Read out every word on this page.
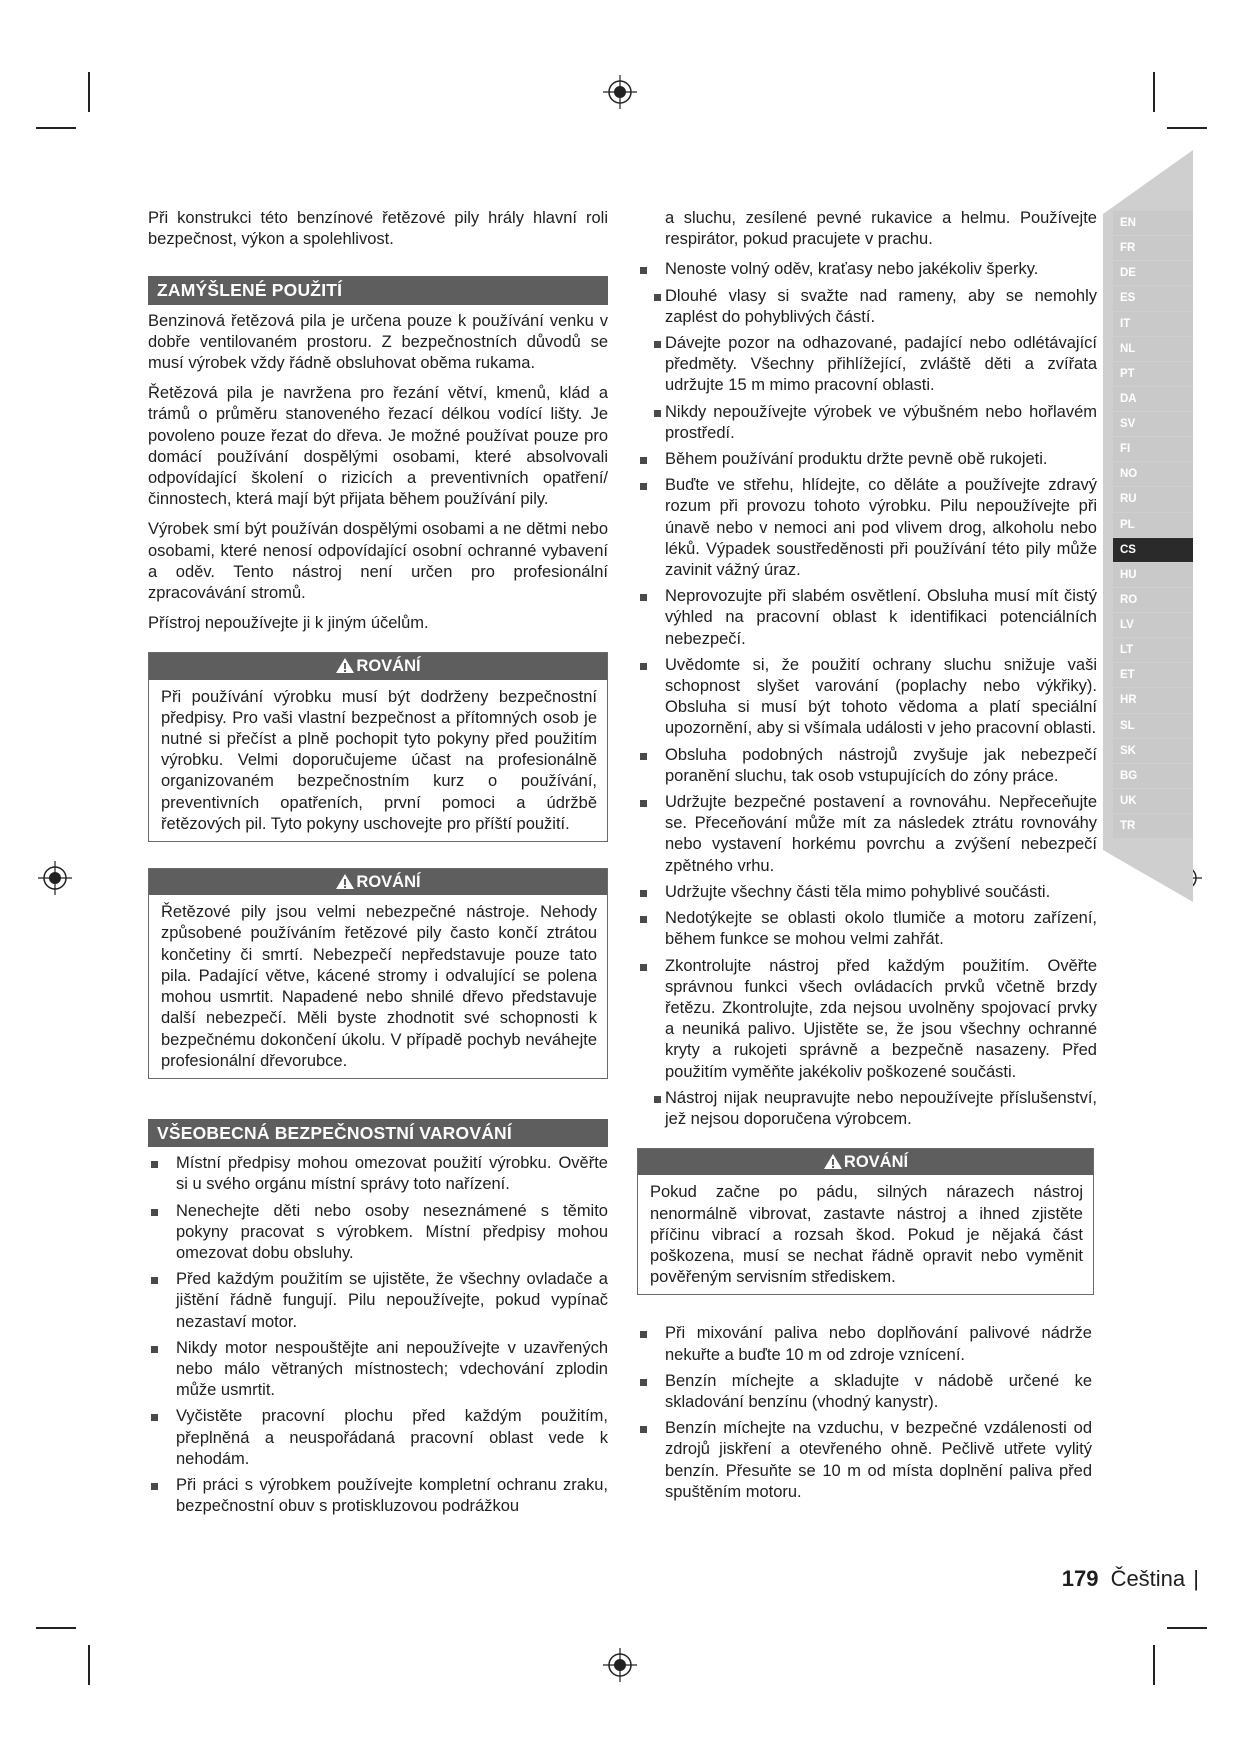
EN
FR
DE
ES
IT
NL
PT
DA
SV
FI
NO
RU
PL
CS
HU
RO
LV
LT
ET
HR
SL
SK
BG
UK
TR

Při konstrukci této benzínové řetězové pily hrály hlavní roli bezpečnost, výkon a spolehlivost.

ZAMÝŠLENÉ POUŽITÍ

Benzinová řetězová pila je určena pouze k používání venku v dobře ventilovaném prostoru. Z bezpečnostních důvodů se musí výrobek vždy řádně obsluhovat oběma rukama.

Řetězová pila je navržena pro řezání větví, kmenů, klád a trámů o průměru stanoveného řezací délkou vodící lišty. Je povoleno pouze řezat do dřeva. Je možné používat pouze pro domácí používání dospělými osobami, které absolvovali odpovídající školení o rizicích a preventivních opatření/činnostech, která mají být přijata během používání pily.

Výrobek smí být používán dospělými osobami a ne dětmi nebo osobami, které nenosí odpovídající osobní ochranné vybavení a oděv. Tento nástroj není určen pro profesionální zpracovávání stromů.

Přístroj nepoužívejte ji k jiným účelům.

ROVÁNÍ
Při používání výrobku musí být dodrženy bezpečnostní předpisy. Pro vaši vlastní bezpečnost a přítomných osob je nutné si přečíst a plně pochopit tyto pokyny před použitím výrobku. Velmi doporučujeme účast na profesionálně organizovaném bezpečnostním kurz o používání, preventivních opatřeních, první pomoci a údržbě řetězových pil. Tyto pokyny uschovejte pro příští použití.
ROVÁNÍ
Řetězové pily jsou velmi nebezpečné nástroje. Nehody způsobené používáním řetězové pily často končí ztrátou končetiny či smrtí. Nebezpečí nepředstavuje pouze tato pila. Padající větve, kácené stromy i odvalující se polena mohou usmrtit. Napadené nebo shnilé dřevo představuje další nebezpečí. Měli byste zhodnotit své schopnosti k bezpečnému dokončení úkolu. V případě pochyb neváhejte profesionální dřevorubce.
VŠEOBECNÁ BEZPEČNOSTNÍ VAROVÁNÍ
Místní předpisy mohou omezovat použití výrobku. Ověřte si u svého orgánu místní správy toto nařízení.
Nenechejte děti nebo osoby neseznámené s těmito pokyny pracovat s výrobkem. Místní předpisy mohou omezovat dobu obsluhy.
Před každým použitím se ujistěte, že všechny ovladače a jištění řádně fungují. Pilu nepoužívejte, pokud vypínač nezastaví motor.
Nikdy motor nespouštějte ani nepoužívejte v uzavřených nebo málo větraných místnostech; vdechování zplodin může usmrtit.
Vyčistěte pracovní plochu před každým použitím, přeplněná a neuspořádaná pracovní oblast vede k nehodám.
Při práci s výrobkem používejte kompletní ochranu zraku, bezpečnostní obuv s protiskluzovou podrážkou

a sluchu, zesílené pevné rukavice a helmu. Používejte respirátor, pokud pracujete v prachu.

Nenoste volný oděv, kraťasy nebo jakékoliv šperky.
Dlouhé vlasy si svažte nad rameny, aby se nemohly zaplést do pohyblivých částí.
Dávejte pozor na odhazované, padající nebo odlétávající předměty. Všechny přihlížející, zvláště děti a zvířata udržujte 15 m mimo pracovní oblasti.
Nikdy nepoužívejte výrobek ve výbušném nebo hořlavém prostředí.
Během používání produktu držte pevně obě rukojeti.
Buďte ve střehu, hlídejte, co děláte a používejte zdravý rozum při provozu tohoto výrobku. Pilu nepoužívejte při únavě nebo v nemoci ani pod vlivem drog, alkoholu nebo léků. Výpadek soustředěnosti při používání této pily může zavinit vážný úraz.
Neprovozujte při slabém osvětlení. Obsluha musí mít čistý výhled na pracovní oblast k identifikaci potenciálních nebezpečí.
Uvědomte si, že použití ochrany sluchu snižuje vaši schopnost slyšet varování (poplachy nebo výkřiky). Obsluha si musí být tohoto vědoma a platí speciální upozornění, aby si všímala události v jeho pracovní oblasti.
Obsluha podobných nástrojů zvyšuje jak nebezpečí poranění sluchu, tak osob vstupujících do zóny práce.
Udržujte bezpečné postavení a rovnováhu. Nepřeceňujte se. Přeceňování může mít za následek ztrátu rovnováhy nebo vystavení horkému povrchu a zvýšení nebezpečí zpětného vrhu.
Udržujte všechny části těla mimo pohyblivé součásti.
Nedotýkejte se oblasti okolo tlumiče a motoru zařízení, během funkce se mohou velmi zahřát.
Zkontrolujte nástroj před každým použitím. Ověřte správnou funkci všech ovládacích prvků včetně brzdy řetězu. Zkontrolujte, zda nejsou uvolněny spojovací prvky a neuniká palivo. Ujistěte se, že jsou všechny ochranné kryty a rukojeti správně a bezpečně nasazeny. Před použitím vyměňte jakékoliv poškozené součásti.
Nástroj nijak neupravujte nebo nepoužívejte příslušenství, jež nejsou doporučena výrobcem.
ROVÁNÍ
Pokud začne po pádu, silných nárazech nástroj nenormálně vibrovat, zastavte nástroj a ihned zjistěte příčinu vibrací a rozsah škod. Pokud je nějaká část poškozena, musí se nechat řádně opravit nebo vyměnit pověřeným servisním střediskem.
Při mixování paliva nebo doplňování palivové nádrže nekuřte a buďte 10 m od zdroje vznícení.
Benzín míchejte a skladujte v nádobě určené ke skladování benzínu (vhodný kanystr).
Benzín míchejte na vzduchu, v bezpečné vzdálenosti od zdrojů jiskření a otevřeného ohně. Pečlivě utřete vylitý benzín. Přesuňte se 10 m od místa doplnění paliva před spuštěním motoru.
179 Čeština |
